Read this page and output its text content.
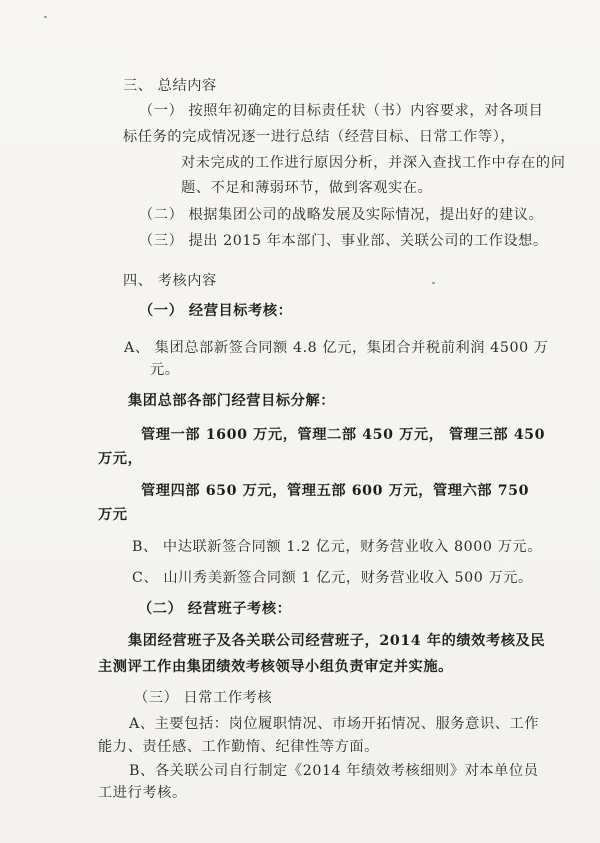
三、 总结内容
（一） 按照年初确定的目标责任状（书）内容要求，对各项目
标任务的完成情况逐一进行总结（经营目标、日常工作等），
对未完成的工作进行原因分析，并深入查找工作中存在的问
题、不足和薄弱环节，做到客观实在。
（二） 根据集团公司的战略发展及实际情况，提出好的建议。
（三） 提出 2015 年本部门、事业部、关联公司的工作设想。
四、 考核内容
（一） 经营目标考核：
A、 集团总部新签合同额 4.8 亿元，集团合并税前利润 4500 万
元。
集团总部各部门经营目标分解：
管理一部 1600 万元，管理二部 450 万元， 管理三部 450
万元，
管理四部 650 万元，管理五部 600 万元，管理六部 750
万元
B、 中达联新签合同额 1.2 亿元，财务营业收入 8000 万元。
C、 山川秀美新签合同额 1 亿元，财务营业收入 500 万元。
（二） 经营班子考核：
集团经营班子及各关联公司经营班子，2014 年的绩效考核及民
主测评工作由集团绩效考核领导小组负责审定并实施。
（三） 日常工作考核
A、主要包括：岗位履职情况、市场开拓情况、服务意识、工作
能力、责任感、工作勤惰、纪律性等方面。
B、各关联公司自行制定《2014 年绩效考核细则》对本单位员
工进行考核。
